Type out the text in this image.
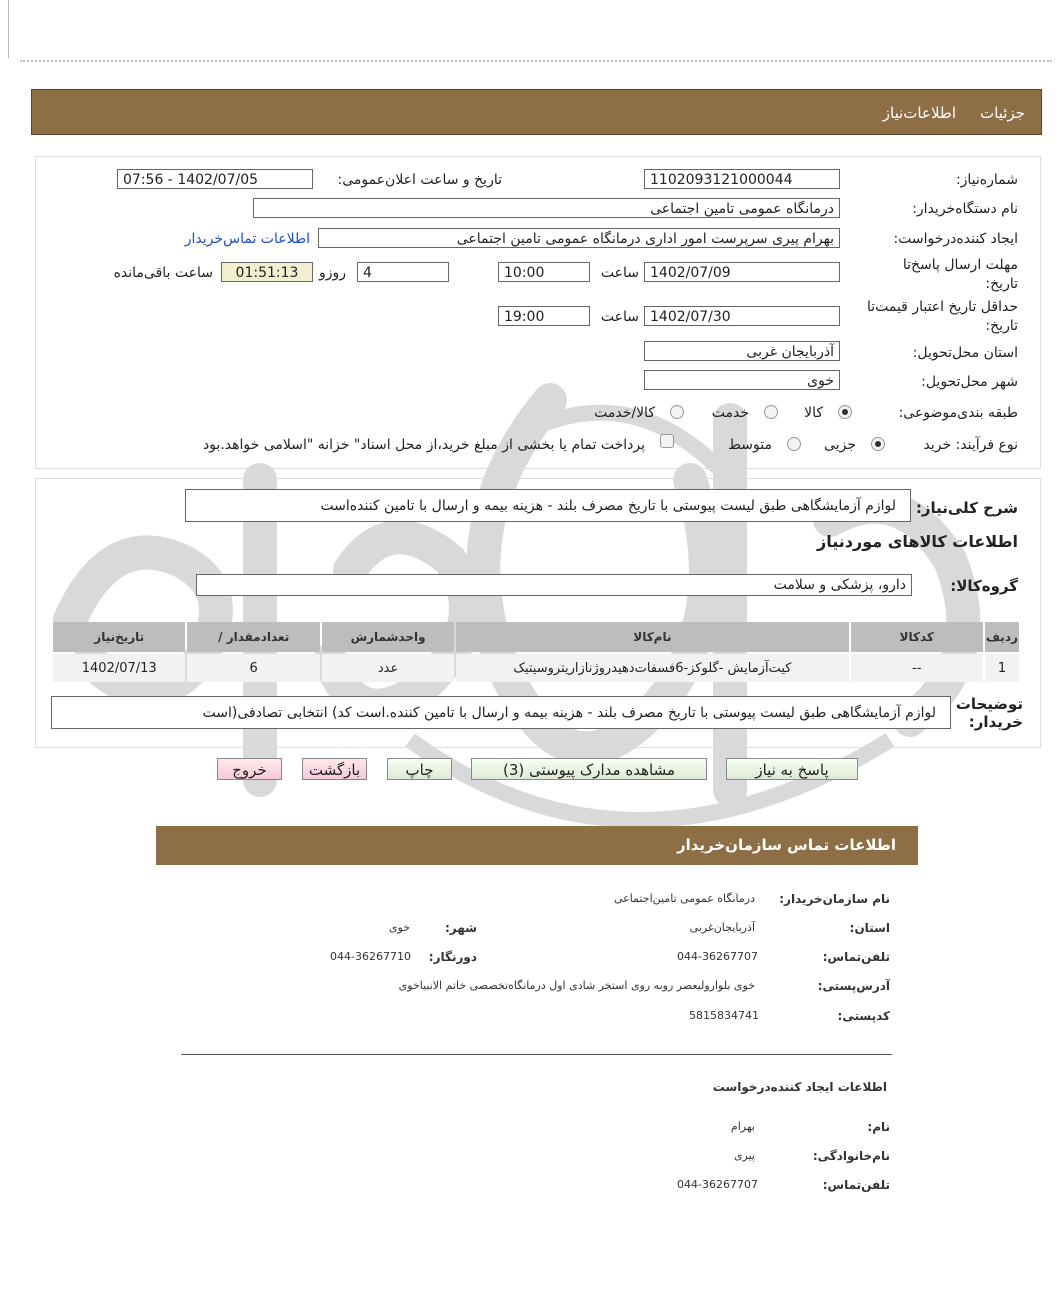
جزئیات
اطلاعات‌نیاز
شماره‌نیاز:
1102093121000044
تاریخ و ساعت اعلان‌عمومی:
1402/07/05 - 07:56
نام دستگاه‌خریدار:
درمانگاه عمومی تامین اجتماعی
ایجاد کننده‌درخواست:
بهرام پیری سرپرست امور اداری درمانگاه عمومی تامین اجتماعی
اطلاعات تماس‌خریدار
مهلت ارسال پاسخ‌تا تاریخ:
1402/07/09
ساعت
10:00
4
روزو
01:51:13
ساعت باقی‌مانده
حداقل تاریخ اعتبار قیمت‌تا تاریخ:
1402/07/30
ساعت
19:00
استان محل‌تحویل:
آذربایجان غربی
شهر محل‌تحویل:
خوی
طبقه بندی‌موضوعی:
کالا
خدمت
کالا/خدمت
نوع فرآیند: خرید
جزیی
متوسط
پرداخت تمام یا بخشی از مبلغ خرید،از محل اسناد" خزانه "اسلامی خواهد.بود
شرح کلی‌نیاز:
لوازم آزمایشگاهی طبق لیست پیوستی با تاریخ مصرف بلند - هزینه بیمه و ارسال با تامین کننده‌است
اطلاعات کالاهای موردنیاز
گروه‌کالا:
دارو، پزشکی و سلامت
ردیف	کدکالا	نام‌کالا	واحدشمارش	تعدادمقدار /	تاریخ‌نیاز
1	--	کیت‌آزمایش -گلوکز-6فسفات‌دهیدروژنازاریتروسیتیک	عدد	6	1402/07/13
توضیحات خریدار:
لوازم آزمایشگاهی طبق لیست پیوستی با تاریخ مصرف بلند - هزینه بیمه و ارسال با تامین کننده.است کد) انتخابی تصادفی(است
پاسخ به نیاز
مشاهده مدارک پیوستی (3)
چاپ
بازگشت
خروج
اطلاعات تماس سازمان‌خریدار
نام سازمان‌خریدار:
درمانگاه عمومی تامین‌اجتماعی
استان:
آذربایجان‌غربی
شهر:
خوی
تلفن‌تماس:
044-36267707
دورنگار:
044-36267710
آدرس‌پستی:
خوی بلوارولیعصر روبه روی استخر شادی اول درمانگاه‌تخصصی خاتم الانبیاخوی
کدپستی:
5815834741
اطلاعات ایجاد کننده‌درخواست
نام:
بهرام
نام‌خانوادگی:
پیری
تلفن‌تماس:
044-36267707
